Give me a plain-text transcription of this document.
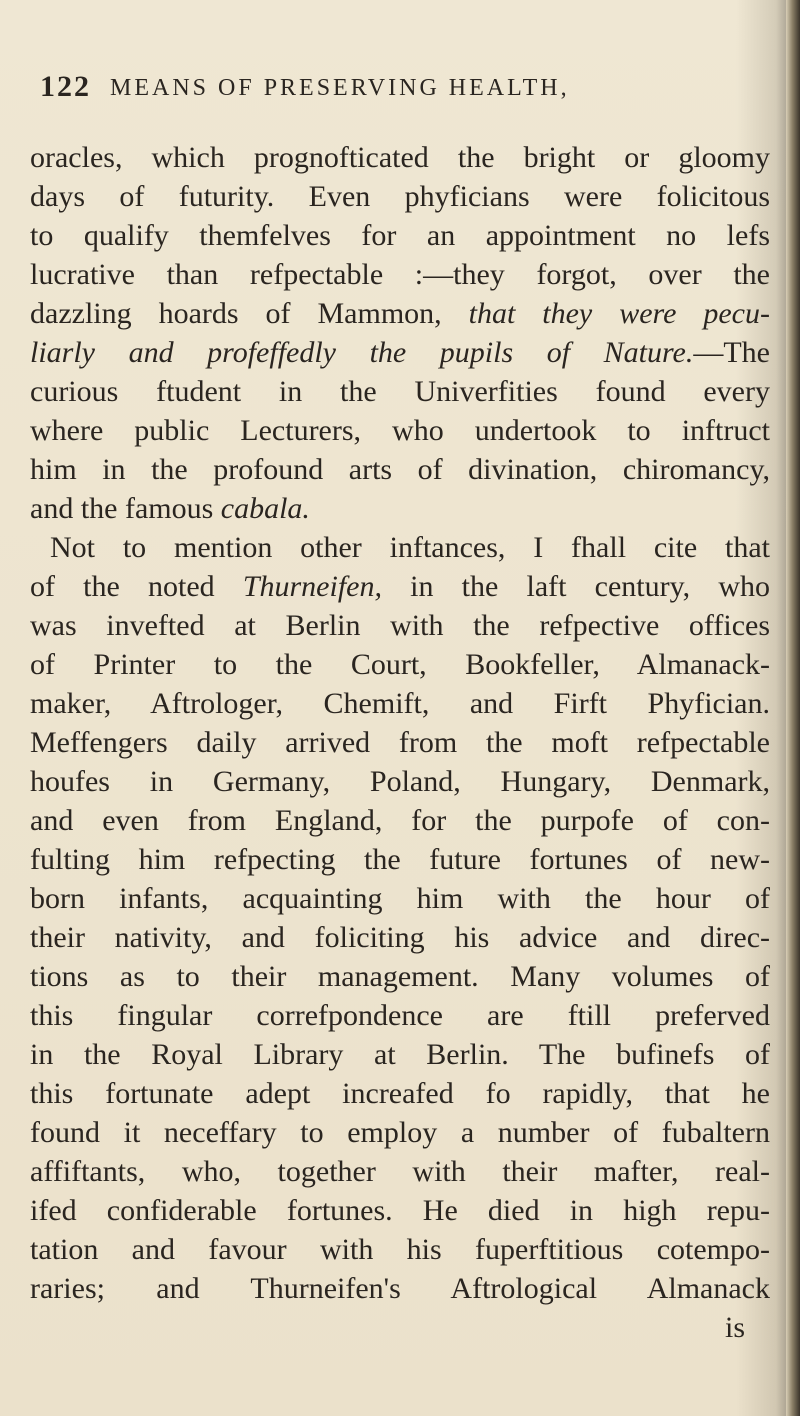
122 MEANS OF PRESERVING HEALTH,
oracles, which prognofticated the bright or gloomy
days of futurity. Even phyficians were folicitous
to qualify themfelves for an appointment no lefs
lucrative than refpectable :—they forgot, over the
dazzling hoards of Mammon, that they were pecu-
liarly and profeffedly the pupils of Nature.—The
curious ftudent in the Univerfities found every
where public Lecturers, who undertook to inftruct
him in the profound arts of divination, chiromancy,
and the famous cabala.
Not to mention other inftances, I fhall cite that
of the noted Thurneifen, in the laft century, who
was invefted at Berlin with the refpective offices
of Printer to the Court, Bookfeller, Almanack-
maker, Aftrologer, Chemift, and Firft Phyfician.
Meffengers daily arrived from the moft refpectable
houfes in Germany, Poland, Hungary, Denmark,
and even from England, for the purpofe of con-
fulting him refpecting the future fortunes of new-
born infants, acquainting him with the hour of
their nativity, and foliciting his advice and direc-
tions as to their management. Many volumes of
this fingular correfpondence are ftill preferved
in the Royal Library at Berlin. The bufinefs of
this fortunate adept increafed fo rapidly, that he
found it neceffary to employ a number of fubaltern
affiftants, who, together with their mafter, real-
ifed confiderable fortunes. He died in high repu-
tation and favour with his fuperftitious cotempo-
raries; and Thurneifen's Aftrological Almanack
is
